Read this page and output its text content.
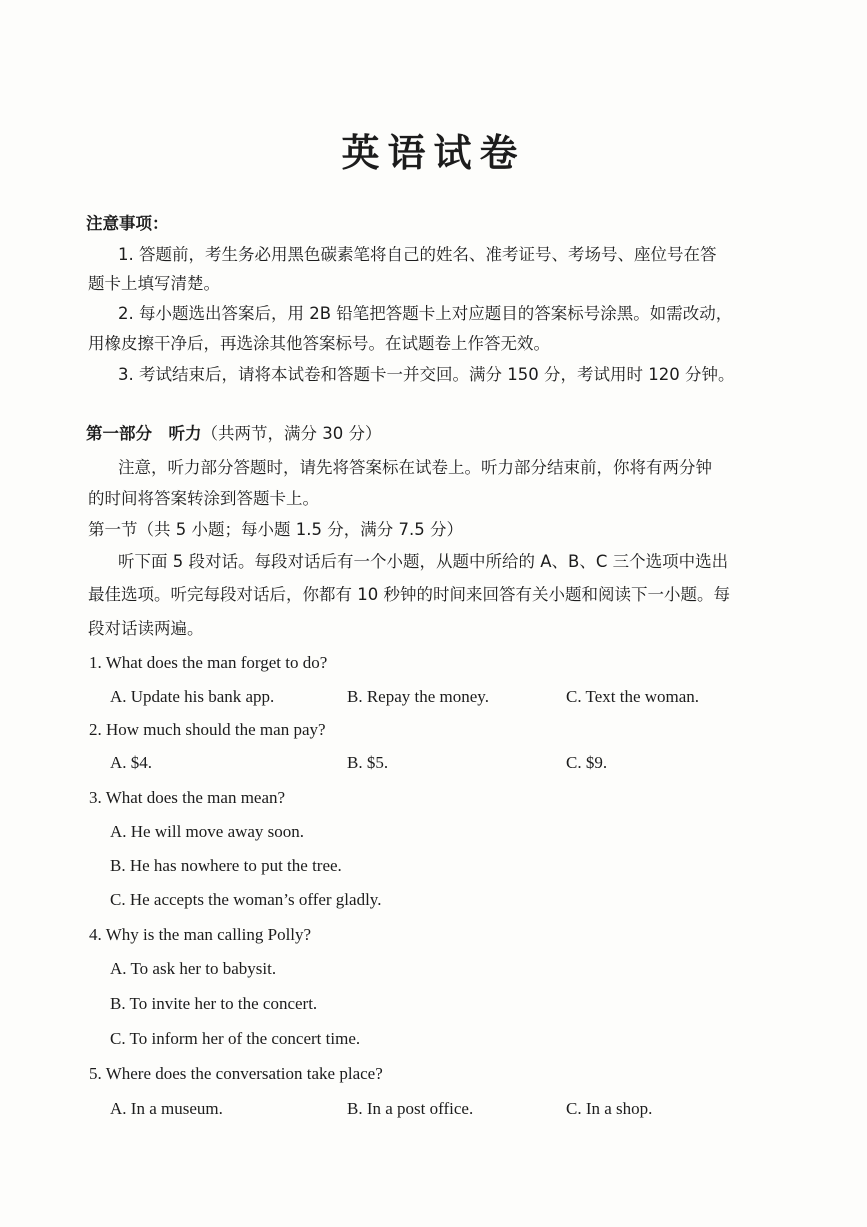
英语试卷
注意事项：
1. 答题前，考生务必用黑色碳素笔将自己的姓名、准考证号、考场号、座位号在答
题卡上填写清楚。
2. 每小题选出答案后，用 2B 铅笔把答题卡上对应题目的答案标号涂黑。如需改动，
用橡皮擦干净后，再选涂其他答案标号。在试题卷上作答无效。
3. 考试结束后，请将本试卷和答题卡一并交回。满分 150 分，考试用时 120 分钟。
第一部分　听力（共两节，满分 30 分）
注意，听力部分答题时，请先将答案标在试卷上。听力部分结束前，你将有两分钟
的时间将答案转涂到答题卡上。
第一节（共 5 小题；每小题 1.5 分，满分 7.5 分）
听下面 5 段对话。每段对话后有一个小题，从题中所给的 A、B、C 三个选项中选出
最佳选项。听完每段对话后，你都有 10 秒钟的时间来回答有关小题和阅读下一小题。每
段对话读两遍。
1. What does the man forget to do?
A. Update his bank app.	B. Repay the money.	C. Text the woman.
2. How much should the man pay?
A. $4.	B. $5.	C. $9.
3. What does the man mean?
A. He will move away soon.
B. He has nowhere to put the tree.
C. He accepts the woman’s offer gladly.
4. Why is the man calling Polly?
A. To ask her to babysit.
B. To invite her to the concert.
C. To inform her of the concert time.
5. Where does the conversation take place?
A. In a museum.	B. In a post office.	C. In a shop.
